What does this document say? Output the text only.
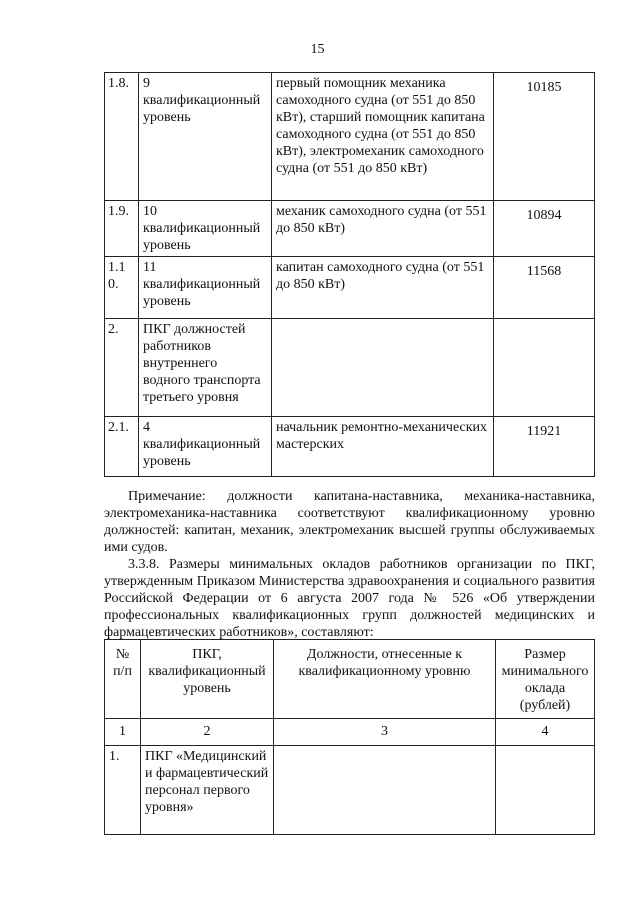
15
1.8.	9 квалификационный уровень	первый помощник механика самоходного судна (от 551 до 850 кВт), старший помощник капитана самоходного судна (от 551 до 850 кВт), электромеханик самоходного судна (от 551 до 850 кВт)	10185
1.9.	10 квалификационный уровень	механик самоходного судна (от 551 до 850 кВт)	10894
1.1 0.	11 квалификационный уровень	капитан самоходного судна (от 551 до 850 кВт)	11568
2.	ПКГ должностей работников внутреннего водного транспорта третьего уровня		
2.1.	4 квалификационный уровень	начальник ремонтно-механических мастерских	11921
Примечание: должности капитана-наставника, механика-наставника, электромеханика-наставника соответствуют квалификационному уровню должностей: капитан, механик, электромеханик высшей группы обслуживаемых ими судов.
3.3.8. Размеры минимальных окладов работников организации по ПКГ, утвержденным Приказом Министерства здравоохранения и социального развития Российской Федерации от 6 августа 2007 года № 526 «Об утверждении профессиональных квалификационных групп должностей медицинских и фармацевтических работников», составляют:
№ п/п	ПКГ, квалификационный уровень	Должности, отнесенные к квалификационному уровню	Размер минимального оклада (рублей)
1	2	3	4
1.	ПКГ «Медицинский и фармацевтический персонал первого уровня»		
